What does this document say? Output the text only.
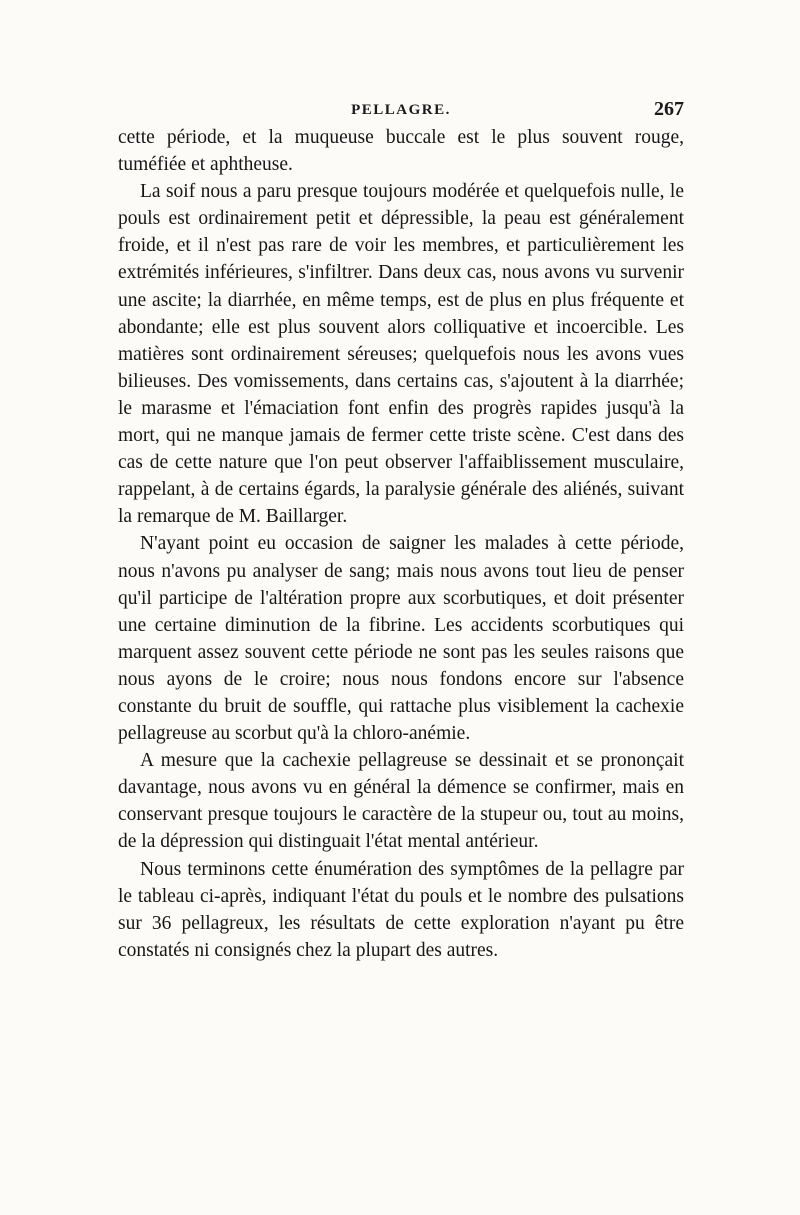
PELLAGRE.	267

cette période, et la muqueuse buccale est le plus souvent rouge, tuméfiée et aphtheuse.

La soif nous a paru presque toujours modérée et quelquefois nulle, le pouls est ordinairement petit et dépressible, la peau est généralement froide, et il n'est pas rare de voir les membres, et particulièrement les extrémités inférieures, s'infiltrer. Dans deux cas, nous avons vu survenir une ascite; la diarrhée, en même temps, est de plus en plus fréquente et abondante; elle est plus souvent alors colliquative et incoercible. Les matières sont ordinairement séreuses; quelquefois nous les avons vues bilieuses. Des vomissements, dans certains cas, s'ajoutent à la diarrhée; le marasme et l'émaciation font enfin des progrès rapides jusqu'à la mort, qui ne manque jamais de fermer cette triste scène. C'est dans des cas de cette nature que l'on peut observer l'affaiblissement musculaire, rappelant, à de certains égards, la paralysie générale des aliénés, suivant la remarque de M. Baillarger.

N'ayant point eu occasion de saigner les malades à cette période, nous n'avons pu analyser de sang; mais nous avons tout lieu de penser qu'il participe de l'altération propre aux scorbutiques, et doit présenter une certaine diminution de la fibrine. Les accidents scorbutiques qui marquent assez souvent cette période ne sont pas les seules raisons que nous ayons de le croire; nous nous fondons encore sur l'absence constante du bruit de souffle, qui rattache plus visiblement la cachexie pellagreuse au scorbut qu'à la chloro-anémie.

A mesure que la cachexie pellagreuse se dessinait et se prononçait davantage, nous avons vu en général la démence se confirmer, mais en conservant presque toujours le caractère de la stupeur ou, tout au moins, de la dépression qui distinguait l'état mental antérieur.

Nous terminons cette énumération des symptômes de la pellagre par le tableau ci-après, indiquant l'état du pouls et le nombre des pulsations sur 36 pellagreux, les résultats de cette exploration n'ayant pu être constatés ni consignés chez la plupart des autres.
